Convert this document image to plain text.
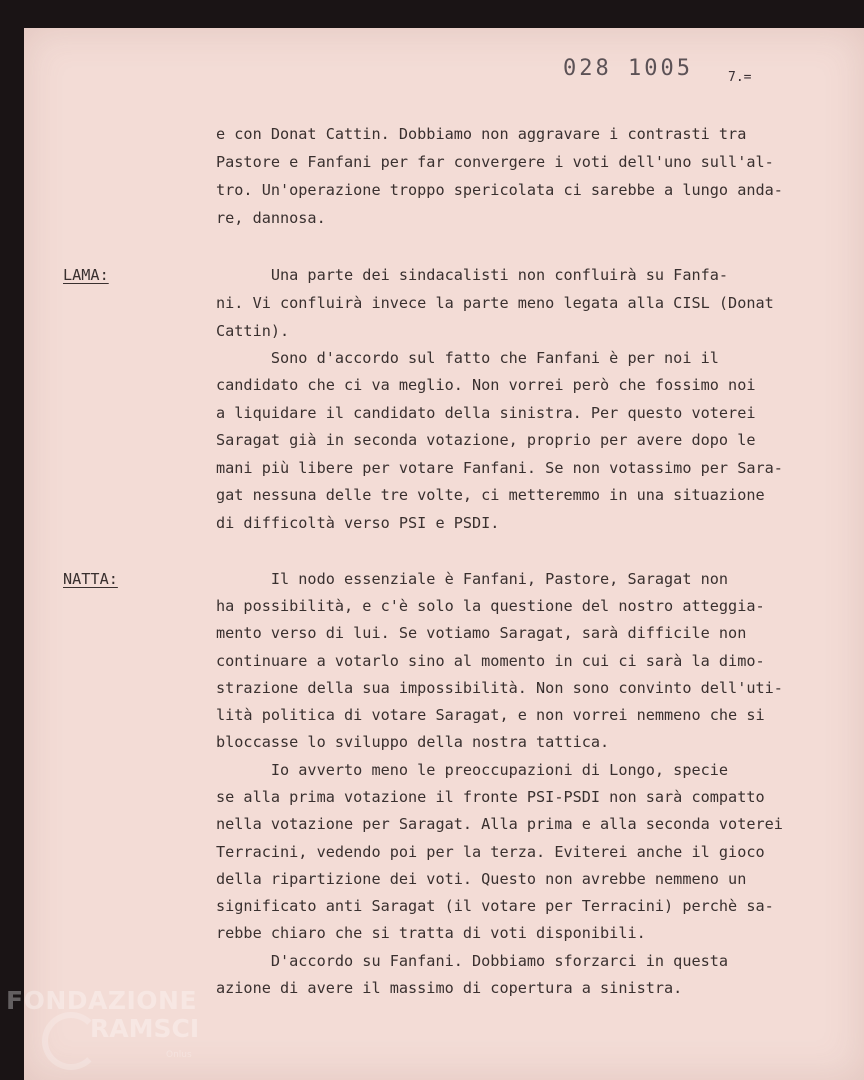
028 1005	7.=
e con Donat Cattin. Dobbiamo non aggravare i contrasti tra
Pastore e Fanfani per far convergere i voti dell'uno sull'al-
tro. Un'operazione troppo spericolata ci sarebbe a lungo anda-
re, dannosa.
LAMA:	Una parte dei sindacalisti non confluirà su Fanfa-
ni. Vi confluirà invece la parte meno legata alla CISL (Donat
Cattin).
Sono d'accordo sul fatto che Fanfani è per noi il
candidato che ci va meglio. Non vorrei però che fossimo noi
a liquidare il candidato della sinistra. Per questo voterei
Saragat già in seconda votazione, proprio per avere dopo le
mani più libere per votare Fanfani. Se non votassimo per Sara-
gat nessuna delle tre volte, ci metteremmo in una situazione
di difficoltà verso PSI e PSDI.
NATTA:	Il nodo essenziale è Fanfani, Pastore, Saragat non
ha possibilità, e c'è solo la questione del nostro atteggia-
mento verso di lui. Se votiamo Saragat, sarà difficile non
continuare a votarlo sino al momento in cui ci sarà la dimo-
strazione della sua impossibilità. Non sono convinto dell'uti-
lità politica di votare Saragat, e non vorrei nemmeno che si
bloccasse lo sviluppo della nostra tattica.
Io avverto meno le preoccupazioni di Longo, specie
se alla prima votazione il fronte PSI-PSDI non sarà compatto
nella votazione per Saragat. Alla prima e alla seconda voterei
Terracini, vedendo poi per la terza. Eviterei anche il gioco
della ripartizione dei voti. Questo non avrebbe nemmeno un
significato anti Saragat (il votare per Terracini) perchè sa-
rebbe chiaro che si tratta di voti disponibili.
D'accordo su Fanfani. Dobbiamo sforzarci in questa
azione di avere il massimo di copertura a sinistra.
FONDAZIONE
RAMSCI
Onlus
